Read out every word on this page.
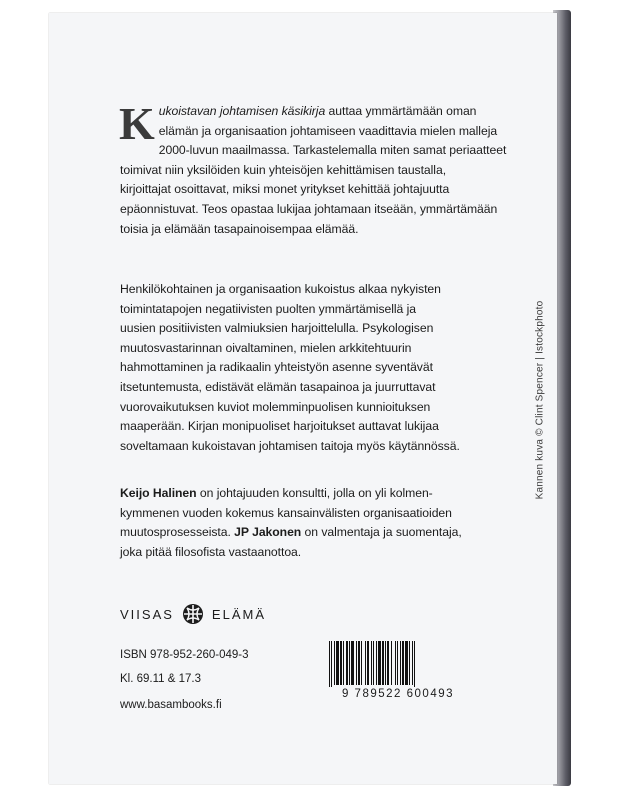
K ukoistavan johtamisen käsikirja auttaa ymmärtämään oman

elämän ja organisaation johtamiseen vaadittavia mielen malleja

2000-luvun maailmassa. Tarkastelemalla miten samat periaatteet

toimivat niin yksilöiden kuin yhteisöjen kehittämisen taustalla,

kirjoittajat osoittavat, miksi monet yritykset kehittää johtajuutta

epäonnistuvat. Teos opastaa lukijaa johtamaan itseään, ymmärtämään

toisia ja elämään tasapainoisempaa elämää.

Henkilökohtainen ja organisaation kukoistus alkaa nykyisten

toimintatapojen negatiivisten puolten ymmärtämisellä ja

uusien positiivisten valmiuksien harjoittelulla. Psykologisen

muutosvastarinnan oivaltaminen, mielen arkkitehtuurin

hahmottaminen ja radikaalin yhteistyön asenne syventävät

itsetuntemusta, edistävät elämän tasapainoa ja juurruttavat

vuorovaikutuksen kuviot molemminpuolisen kunnioituksen

maaperään. Kirjan monipuoliset harjoitukset auttavat lukijaa

soveltamaan kukoistavan johtamisen taitoja myös käytännössä.

Keijo Halinen on johtajuuden konsultti, jolla on yli kolmen-

kymmenen vuoden kokemus kansainvälisten organisaatioiden

muutosprosesseista. JP Jakonen on valmentaja ja suomentaja,

joka pitää filosofista vastaanottoa.

VIISAS	ELÄMÄ
ISBN 978-952-260-049-3
Kl. 69.11 & 17.3
www.basambooks.fi
9 789522 600493
Kannen kuva © Clint Spencer | Istockphoto
